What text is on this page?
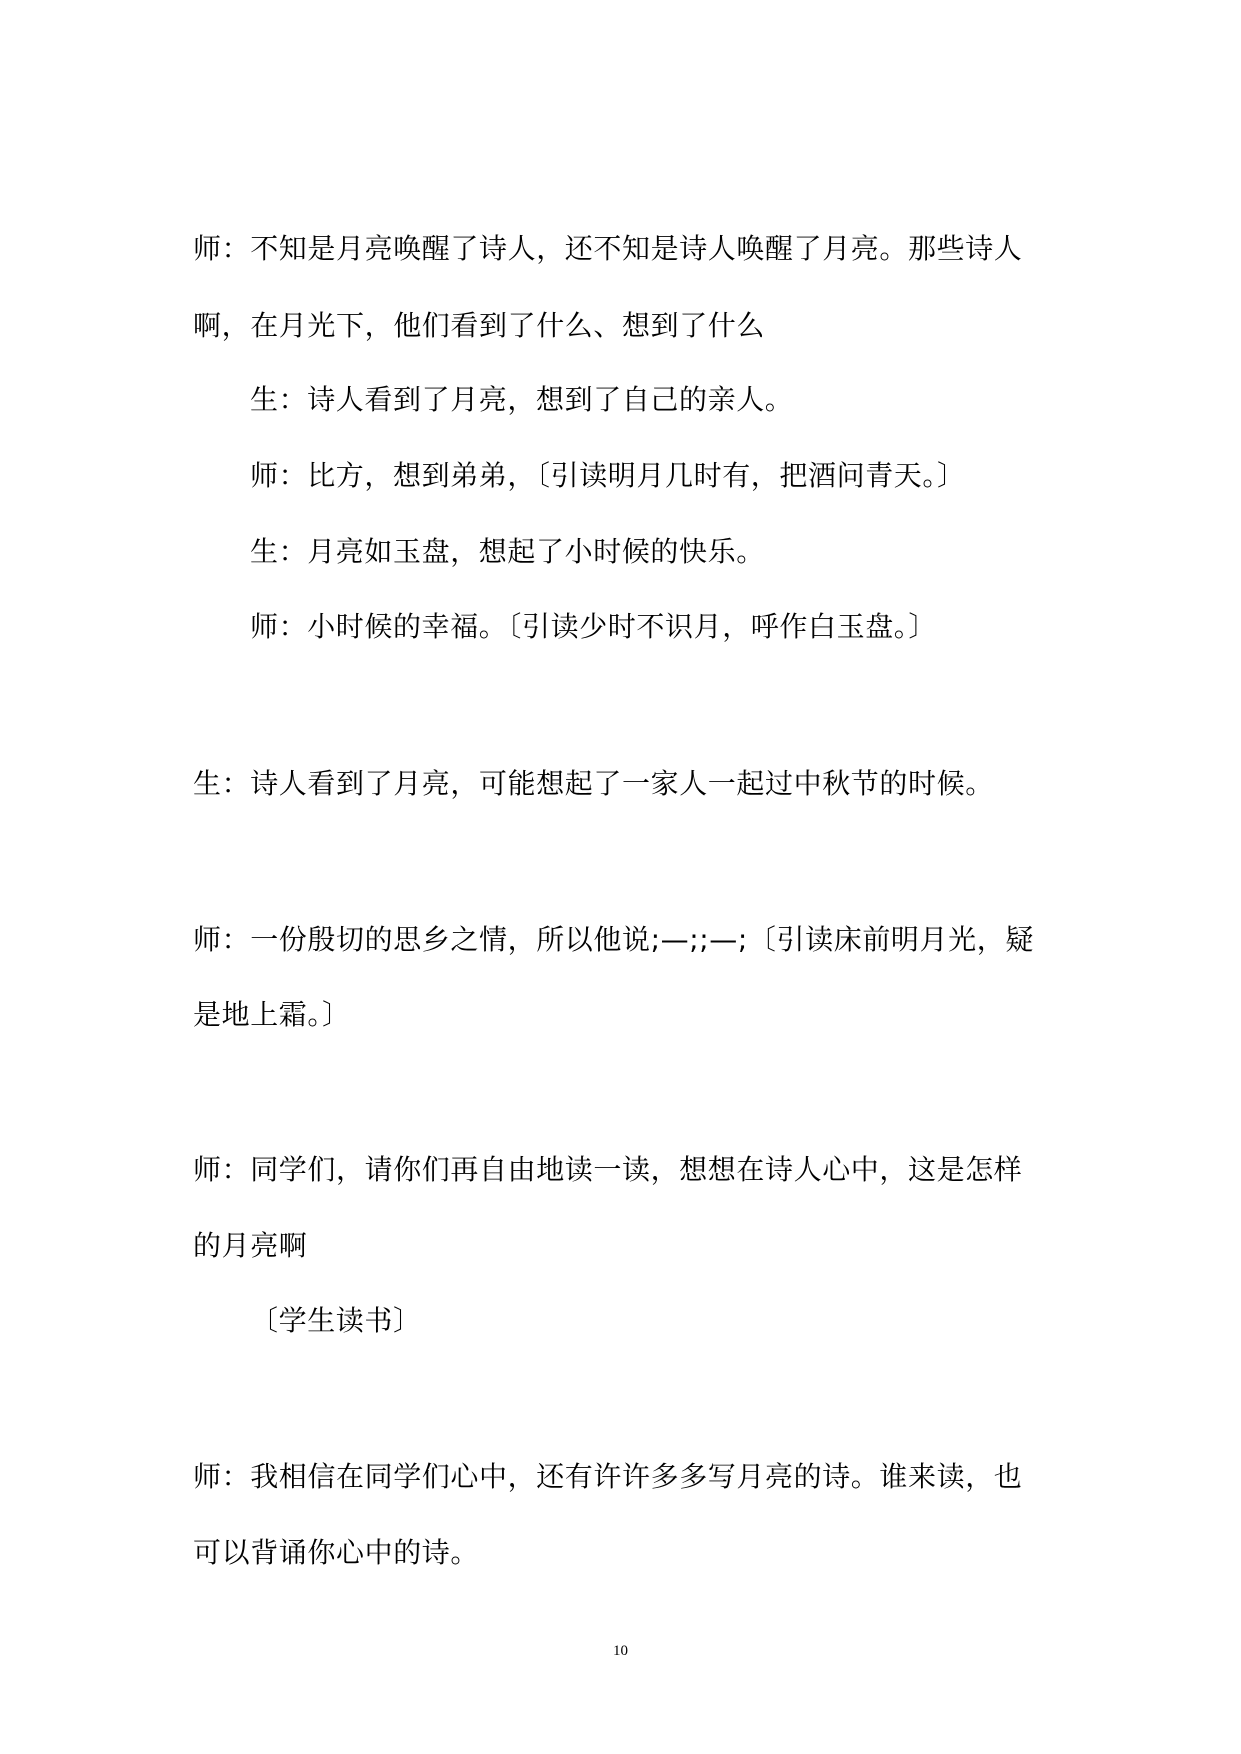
师：不知是月亮唤醒了诗人，还不知是诗人唤醒了月亮。那些诗人

啊，在月光下，他们看到了什么、想到了什么

生：诗人看到了月亮，想到了自己的亲人。

师：比方，想到弟弟，〔引读明月几时有，把酒问青天。〕

生：月亮如玉盘，想起了小时候的快乐。

师：小时候的幸福。〔引读少时不识月，呼作白玉盘。〕

生：诗人看到了月亮，可能想起了一家人一起过中秋节的时候。

师：一份殷切的思乡之情，所以他说;—;;—;〔引读床前明月光，疑

是地上霜。〕

师：同学们，请你们再自由地读一读，想想在诗人心中，这是怎样

的月亮啊

〔学生读书〕

师：我相信在同学们心中，还有许许多多写月亮的诗。谁来读，也

可以背诵你心中的诗。

10
